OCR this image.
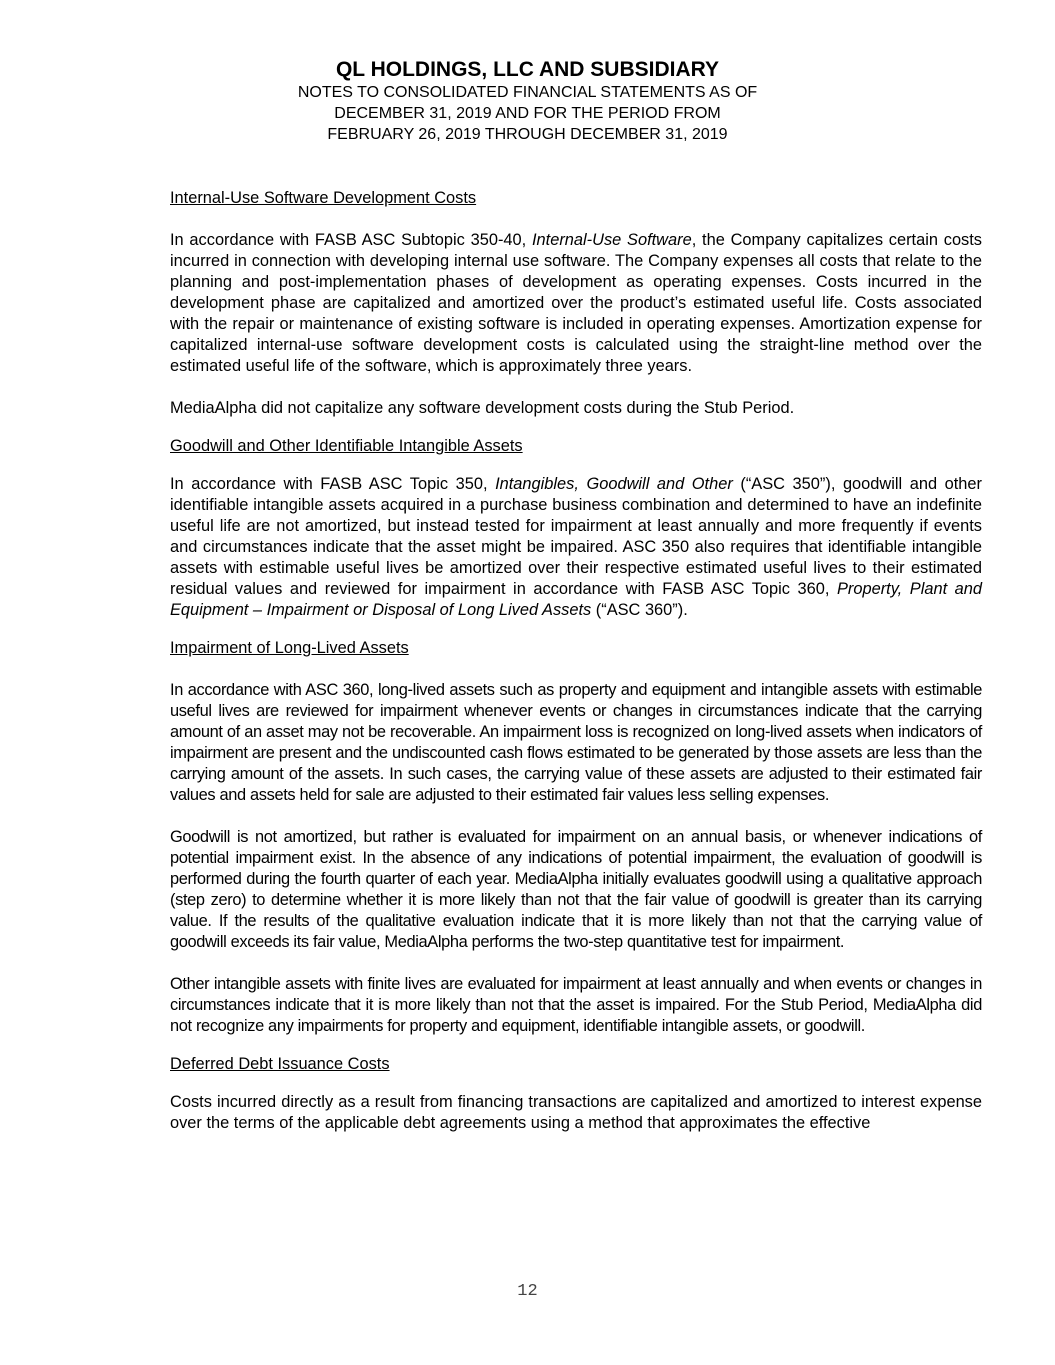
QL HOLDINGS, LLC AND SUBSIDIARY
NOTES TO CONSOLIDATED FINANCIAL STATEMENTS AS OF
DECEMBER 31, 2019 AND FOR THE PERIOD FROM
FEBRUARY 26, 2019 THROUGH DECEMBER 31, 2019

Internal-Use Software Development Costs

In accordance with FASB ASC Subtopic 350-40, Internal-Use Software, the Company capitalizes certain costs incurred in connection with developing internal use software. The Company expenses all costs that relate to the planning and post-implementation phases of development as operating expenses. Costs incurred in the development phase are capitalized and amortized over the product’s estimated useful life. Costs associated with the repair or maintenance of existing software is included in operating expenses. Amortization expense for capitalized internal-use software development costs is calculated using the straight-line method over the estimated useful life of the software, which is approximately three years.

MediaAlpha did not capitalize any software development costs during the Stub Period.

Goodwill and Other Identifiable Intangible Assets

In accordance with FASB ASC Topic 350, Intangibles, Goodwill and Other (“ASC 350”), goodwill and other identifiable intangible assets acquired in a purchase business combination and determined to have an indefinite useful life are not amortized, but instead tested for impairment at least annually and more frequently if events and circumstances indicate that the asset might be impaired. ASC 350 also requires that identifiable intangible assets with estimable useful lives be amortized over their respective estimated useful lives to their estimated residual values and reviewed for impairment in accordance with FASB ASC Topic 360, Property, Plant and Equipment – Impairment or Disposal of Long Lived Assets (“ASC 360”).

Impairment of Long-Lived Assets

In accordance with ASC 360, long-lived assets such as property and equipment and intangible assets with estimable useful lives are reviewed for impairment whenever events or changes in circumstances indicate that the carrying amount of an asset may not be recoverable. An impairment loss is recognized on long-lived assets when indicators of impairment are present and the undiscounted cash flows estimated to be generated by those assets are less than the carrying amount of the assets. In such cases, the carrying value of these assets are adjusted to their estimated fair values and assets held for sale are adjusted to their estimated fair values less selling expenses.

Goodwill is not amortized, but rather is evaluated for impairment on an annual basis, or whenever indications of potential impairment exist. In the absence of any indications of potential impairment, the evaluation of goodwill is performed during the fourth quarter of each year. MediaAlpha initially evaluates goodwill using a qualitative approach (step zero) to determine whether it is more likely than not that the fair value of goodwill is greater than its carrying value. If the results of the qualitative evaluation indicate that it is more likely than not that the carrying value of goodwill exceeds its fair value, MediaAlpha performs the two-step quantitative test for impairment.

Other intangible assets with finite lives are evaluated for impairment at least annually and when events or changes in circumstances indicate that it is more likely than not that the asset is impaired. For the Stub Period, MediaAlpha did not recognize any impairments for property and equipment, identifiable intangible assets, or goodwill.

Deferred Debt Issuance Costs

Costs incurred directly as a result from financing transactions are capitalized and amortized to interest expense over the terms of the applicable debt agreements using a method that approximates the effective

12
